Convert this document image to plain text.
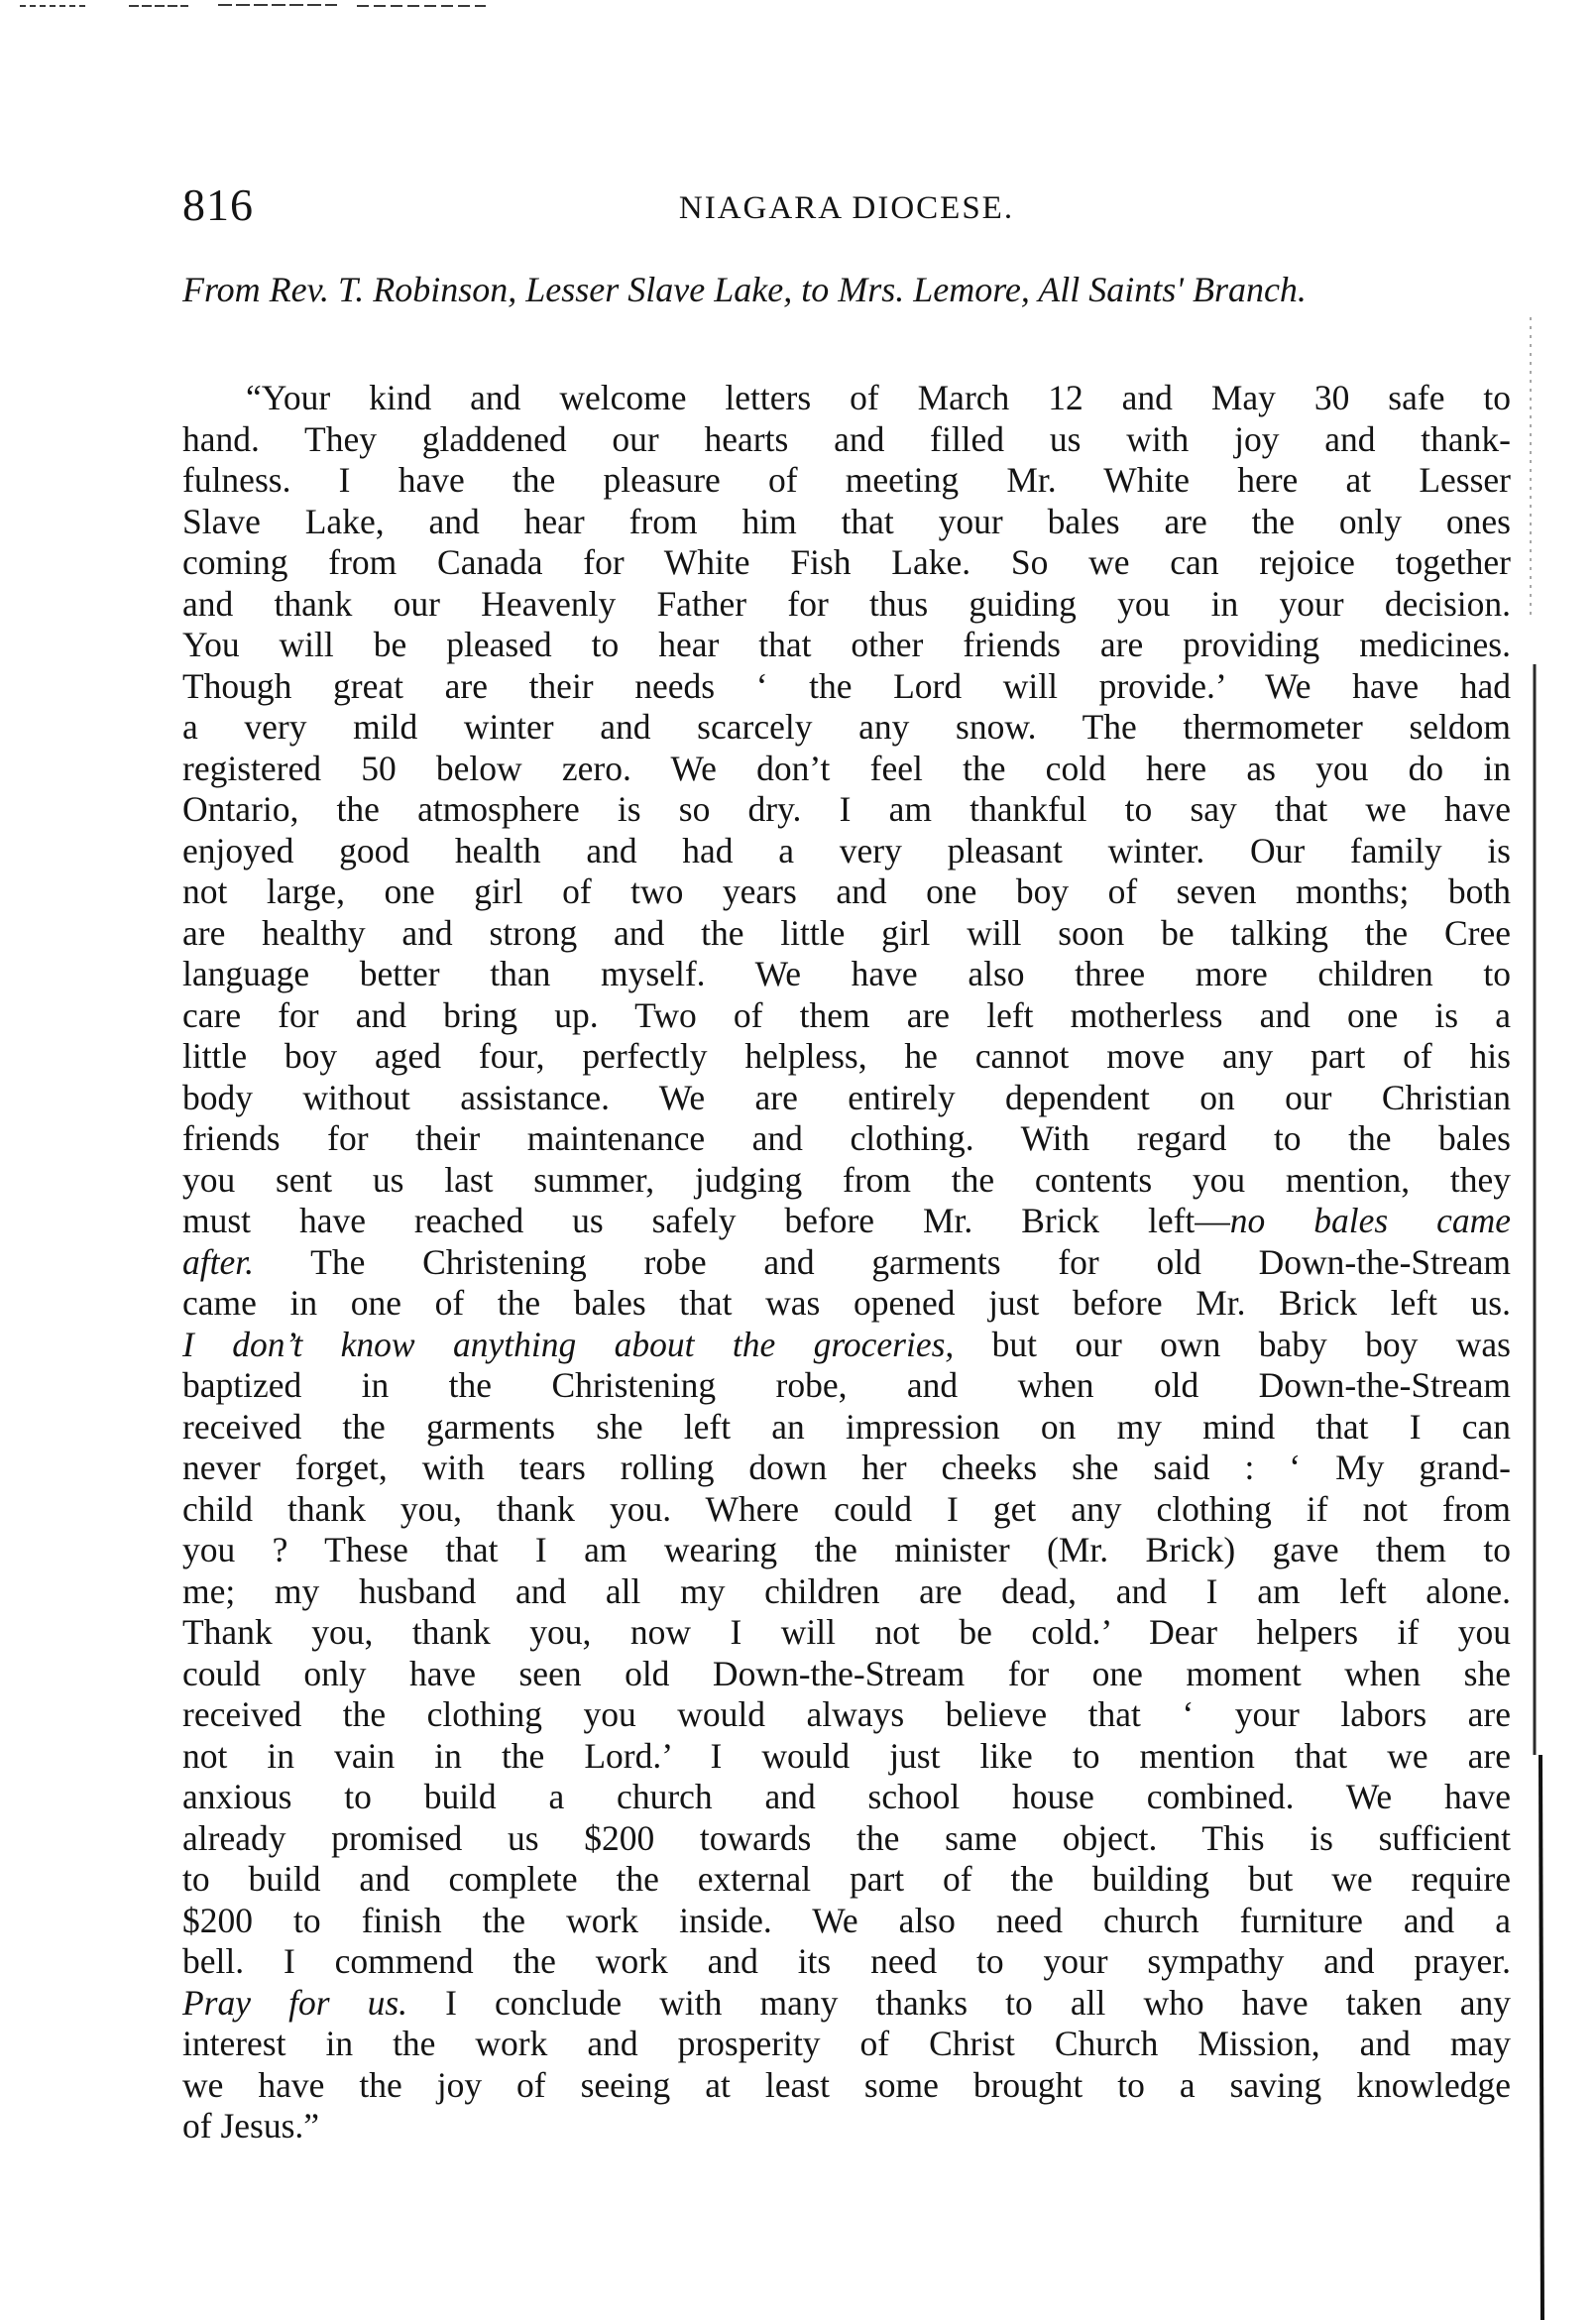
816	NIAGARA DIOCESE.
From Rev. T. Robinson, Lesser Slave Lake, to Mrs. Lemore, All Saints' Branch.
“Your kind and welcome letters of March 12 and May 30 safe to
hand. They gladdened our hearts and filled us with joy and thank-
fulness. I have the pleasure of meeting Mr. White here at Lesser
Slave Lake, and hear from him that your bales are the only ones
coming from Canada for White Fish Lake. So we can rejoice together
and thank our Heavenly Father for thus guiding you in your decision.
You will be pleased to hear that other friends are providing medicines.
Though great are their needs ‘ the Lord will provide.’ We have had
a very mild winter and scarcely any snow. The thermometer seldom
registered 50 below zero. We don’t feel the cold here as you do in
Ontario, the atmosphere is so dry. I am thankful to say that we have
enjoyed good health and had a very pleasant winter. Our family is
not large, one girl of two years and one boy of seven months; both
are healthy and strong and the little girl will soon be talking the Cree
language better than myself. We have also three more children to
care for and bring up. Two of them are left motherless and one is a
little boy aged four, perfectly helpless, he cannot move any part of his
body without assistance. We are entirely dependent on our Christian
friends for their maintenance and clothing. With regard to the bales
you sent us last summer, judging from the contents you mention, they
must have reached us safely before Mr. Brick left—no bales came
after. The Christening robe and garments for old Down-the-Stream
came in one of the bales that was opened just before Mr. Brick left us.
I don’t know anything about the groceries, but our own baby boy was
baptized in the Christening robe, and when old Down-the-Stream
received the garments she left an impression on my mind that I can
never forget, with tears rolling down her cheeks she said : ‘ My grand-
child thank you, thank you. Where could I get any clothing if not from
you ? These that I am wearing the minister (Mr. Brick) gave them to
me; my husband and all my children are dead, and I am left alone.
Thank you, thank you, now I will not be cold.’ Dear helpers if you
could only have seen old Down-the-Stream for one moment when she
received the clothing you would always believe that ‘ your labors are
not in vain in the Lord.’ I would just like to mention that we are
anxious to build a church and school house combined. We have
already promised us $200 towards the same object. This is sufficient
to build and complete the external part of the building but we require
$200 to finish the work inside. We also need church furniture and a
bell. I commend the work and its need to your sympathy and prayer.
Pray for us. I conclude with many thanks to all who have taken any
interest in the work and prosperity of Christ Church Mission, and may
we have the joy of seeing at least some brought to a saving knowledge
of Jesus.”
